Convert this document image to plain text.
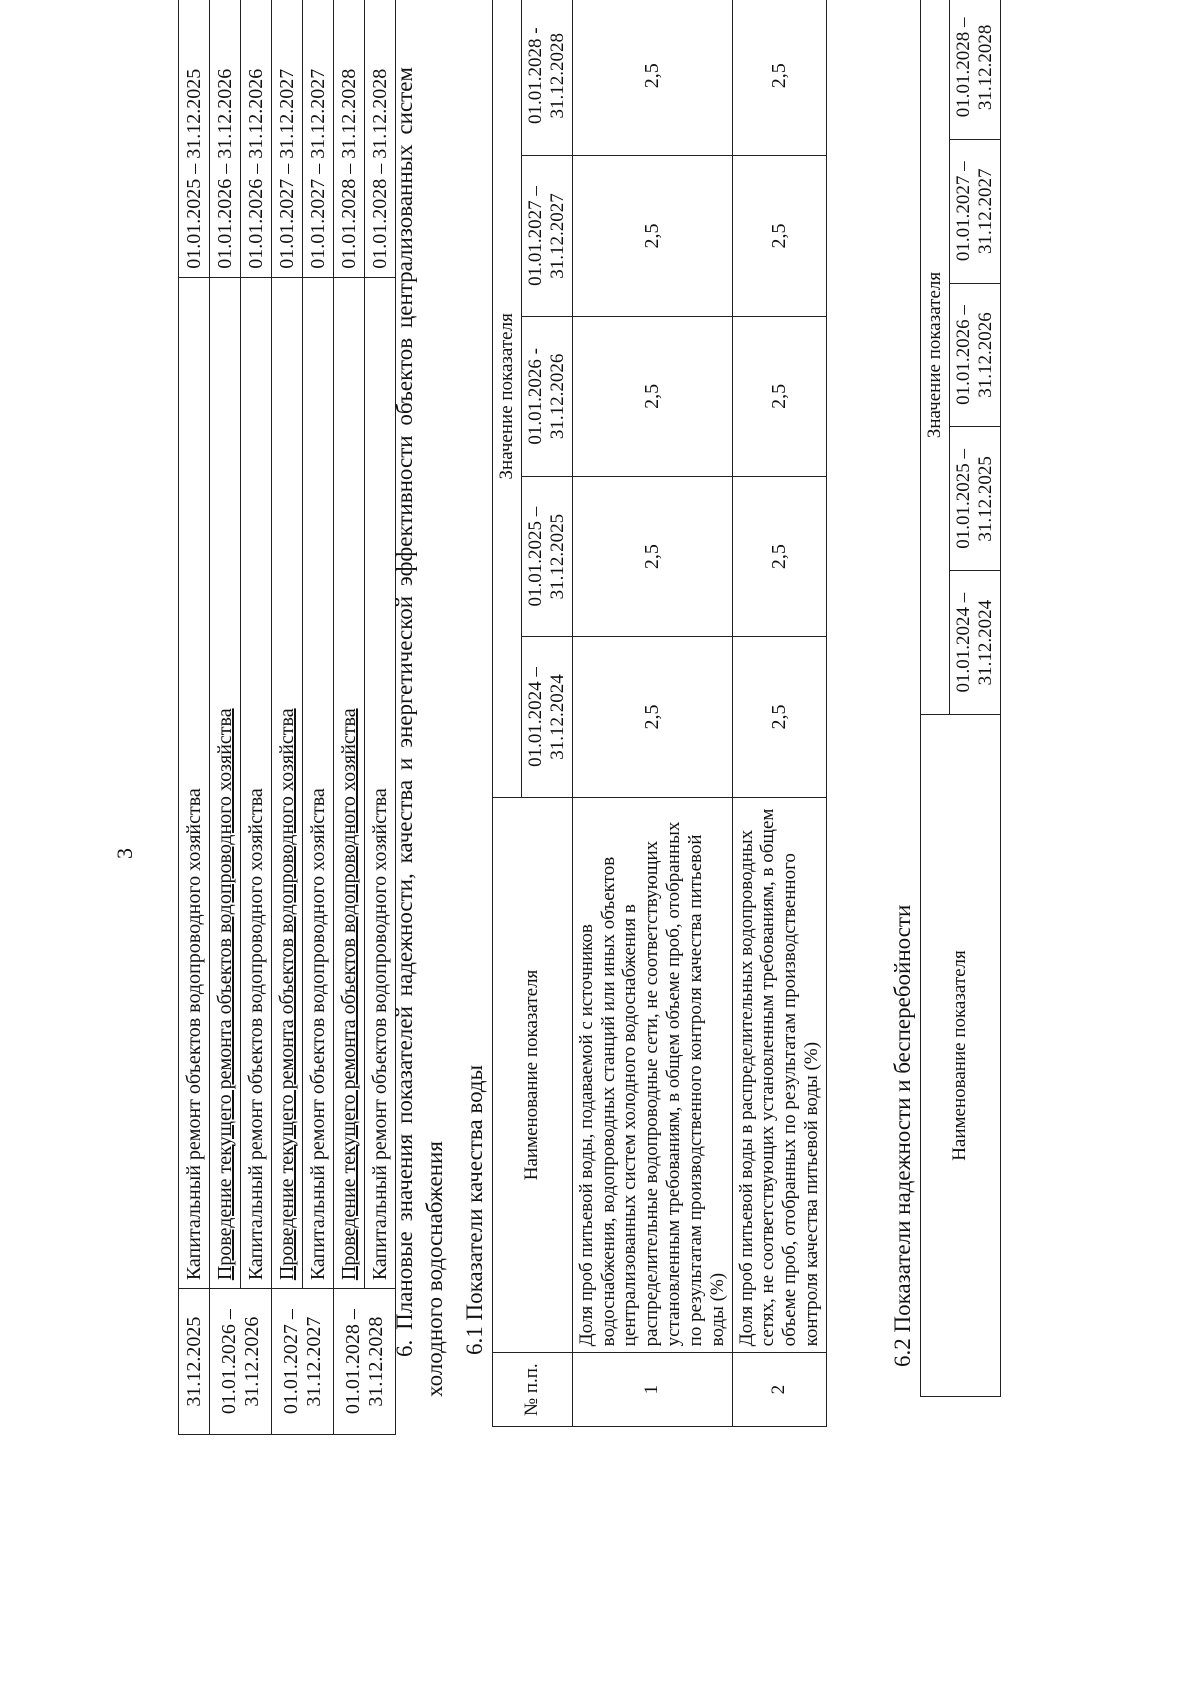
3
31.12.2025	Капитальный ремонт объектов водопроводного хозяйства	01.01.2025 – 31.12.2025
01.01.2026 – 31.12.2026	Проведение текущего ремонта объектов водопроводного хозяйства	01.01.2026 – 31.12.2026
	Капитальный ремонт объектов водопроводного хозяйства	01.01.2026 – 31.12.2026
01.01.2027 – 31.12.2027	Проведение текущего ремонта объектов водопроводного хозяйства	01.01.2027 – 31.12.2027
	Капитальный ремонт объектов водопроводного хозяйства	01.01.2027 – 31.12.2027
01.01.2028 – 31.12.2028	Проведение текущего ремонта объектов водопроводного хозяйства	01.01.2028 – 31.12.2028
	Капитальный ремонт объектов водопроводного хозяйства	01.01.2028 – 31.12.2028 6. Плановые значения показателей надежности, качества и энергетической эффективности объектов централизованных систем холодного водоснабжения 6.1 Показатели качества воды
№ п.п.	Наименование показателя	Значение показателя				
		01.01.2024 – 31.12.2024	01.01.2025 – 31.12.2025	01.01.2026 - 31.12.2026	01.01.2027 – 31.12.2027	01.01.2028 - 31.12.2028
1	Доля проб питьевой воды, подаваемой с источников водоснабжения, водопроводных станций или иных объектов централизованных систем холодного водоснабжения в распределительные водопроводные сети, не соответствующих установленным требованиям, в общем объеме проб, отобранных по результатам производственного контроля качества питьевой воды (%)	2,5	2,5	2,5	2,5	2,5
2	Доля проб питьевой воды в распределительных водопроводных сетях, не соответствующих установленным требованиям, в общем объеме проб, отобранных по результатам производственного контроля качества питьевой воды (%)	2,5	2,5	2,5	2,5	2,5
6.2 Показатели надежности и бесперебойности Наименование показателя	Значение показателя				
	01.01.2024 – 31.12.2024	01.01.2025 – 31.12.2025	01.01.2026 – 31.12.2026	01.01.2027 – 31.12.2027	01.01.2028 – 31.12.2028
